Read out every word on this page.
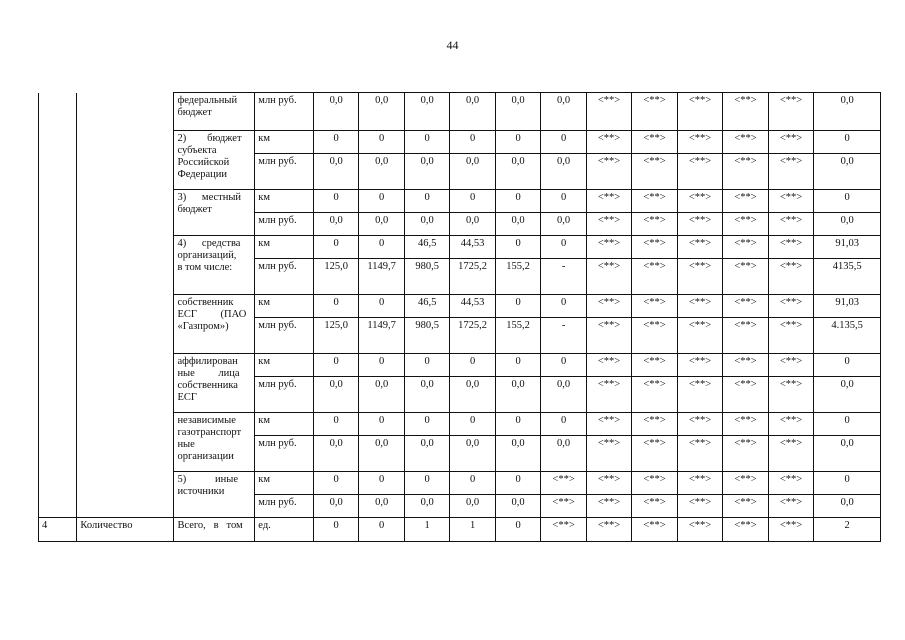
44

		федеральный
бюджет	млн руб.	0,0	0,0	0,0	0,0	0,0	0,0	<**>	<**>	<**>	<**>	<**>	0,0

		2)        бюджет
субъекта
Российской
Федерации	км	0	0	0	0	0	0	<**>	<**>	<**>	<**>	<**>	0
			млн руб.	0,0	0,0	0,0	0,0	0,0	0,0	<**>	<**>	<**>	<**>	<**>	0,0

		3)      местный
бюджет	км	0	0	0	0	0	0	<**>	<**>	<**>	<**>	<**>	0
			млн руб.	0,0	0,0	0,0	0,0	0,0	0,0	<**>	<**>	<**>	<**>	<**>	0,0

		4)      средства
организаций,
в том числе:	км	0	0	46,5	44,53	0	0	<**>	<**>	<**>	<**>	<**>	91,03
			млн руб.	125,0	1149,7	980,5	1725,2	155,2	-	<**>	<**>	<**>	<**>	<**>	4135,5

		собственник
ЕСГ         (ПАО
«Газпром»)	км	0	0	46,5	44,53	0	0	<**>	<**>	<**>	<**>	<**>	91,03
			млн руб.	125,0	1149,7	980,5	1725,2	155,2	-	<**>	<**>	<**>	<**>	<**>	4.135,5

		аффилирован
ные         лица
собственника
ЕСГ	км	0	0	0	0	0	0	<**>	<**>	<**>	<**>	<**>	0
			млн руб.	0,0	0,0	0,0	0,0	0,0	0,0	<**>	<**>	<**>	<**>	<**>	0,0

		независимые
газотранспорт
ные
организации	км	0	0	0	0	0	0	<**>	<**>	<**>	<**>	<**>	0
			млн руб.	0,0	0,0	0,0	0,0	0,0	0,0	<**>	<**>	<**>	<**>	<**>	0,0

		5)           иные
источники	км	0	0	0	0	0	<**>	<**>	<**>	<**>	<**>	<**>	0
			млн руб.	0,0	0,0	0,0	0,0	0,0	<**>	<**>	<**>	<**>	<**>	<**>	0,0
4	Количество	Всего,   в   том	ед.	0	0	1	1	0	<**>	<**>	<**>	<**>	<**>	<**>	2
